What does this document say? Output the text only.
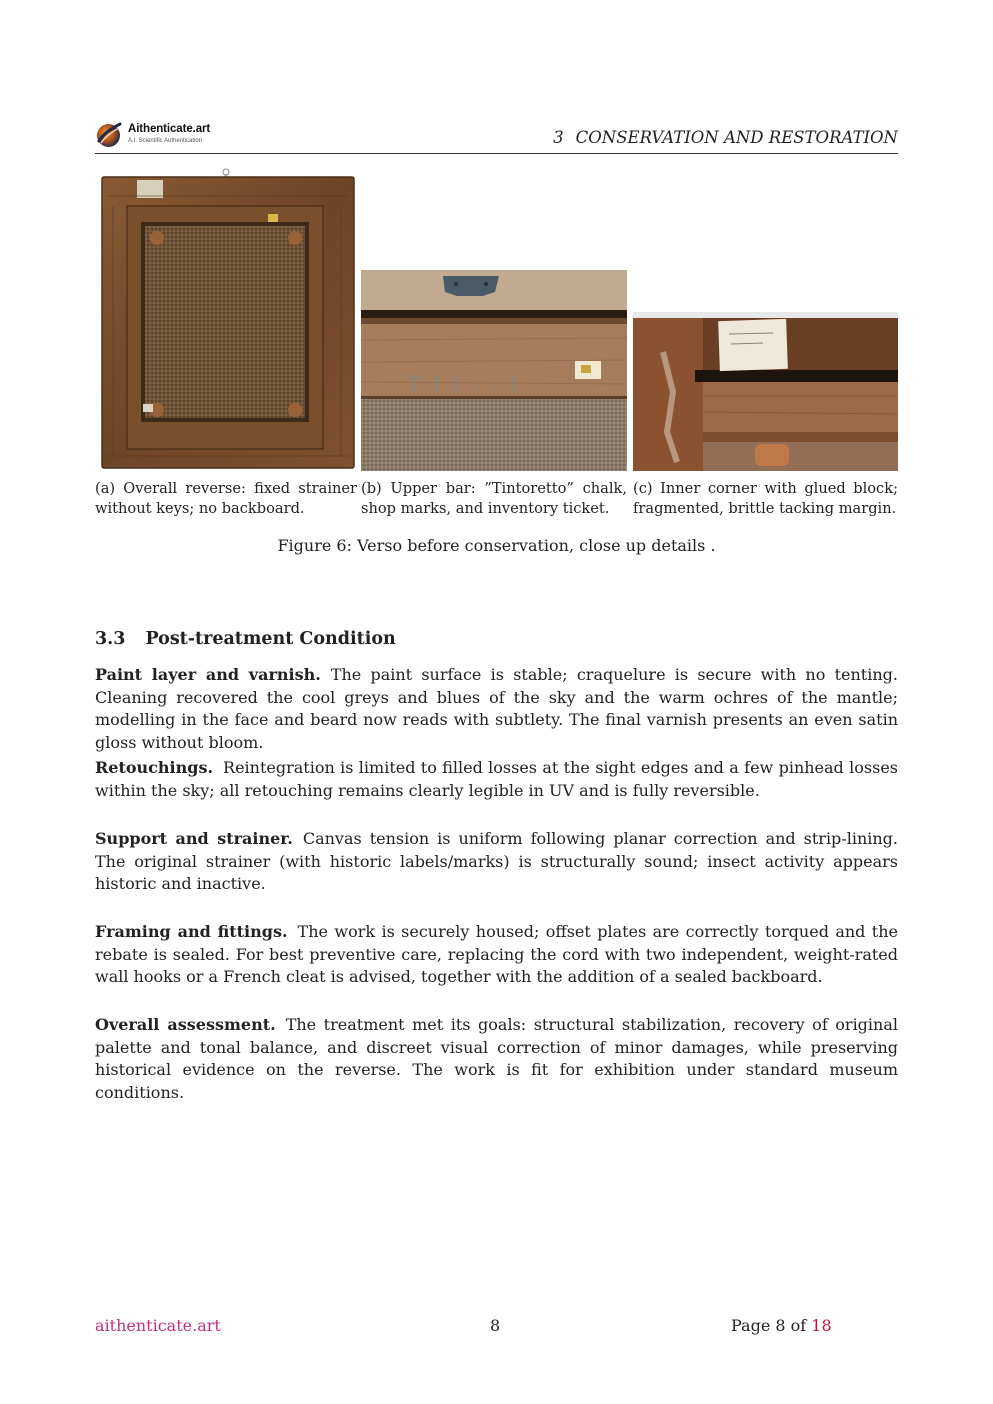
Aithenticate.art
A.I. Scientific Authentication	3 CONSERVATION AND RESTORATION
T I ( . . )
(a) Overall reverse: fixed strainer without keys; no backboard.
(b) Upper bar: ”Tintoretto” chalk, shop marks, and inventory ticket.
(c) Inner corner with glued block; fragmented, brittle tacking margin.
Figure 6: Verso before conservation, close up details .
3.3 Post-treatment Condition

Paint layer and varnish. The paint surface is stable; craquelure is secure with no tenting. Cleaning recovered the cool greys and blues of the sky and the warm ochres of the mantle; modelling in the face and beard now reads with subtlety. The final varnish presents an even satin gloss without bloom.

Retouchings. Reintegration is limited to filled losses at the sight edges and a few pinhead losses within the sky; all retouching remains clearly legible in UV and is fully reversible.

Support and strainer. Canvas tension is uniform following planar correction and strip-lining. The original strainer (with historic labels/marks) is structurally sound; insect activity appears historic and inactive.

Framing and fittings. The work is securely housed; offset plates are correctly torqued and the rebate is sealed. For best preventive care, replacing the cord with two independent, weight-rated wall hooks or a French cleat is advised, together with the addition of a sealed backboard.

Overall assessment. The treatment met its goals: structural stabilization, recovery of original palette and tonal balance, and discreet visual correction of minor damages, while preserving historical evidence on the reverse. The work is fit for exhibition under standard museum conditions.

aithenticate.art	8	Page 8 of 18
